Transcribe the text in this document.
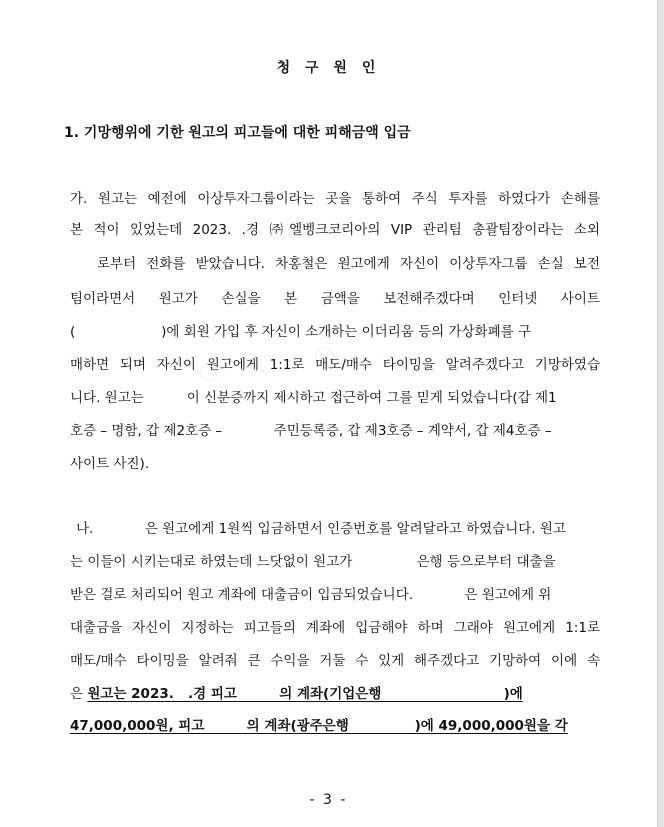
청 구 원 인
1. 기망행위에 기한 원고의 피고들에 대한 피해금액 입금
가. 원고는 예전에 이상투자그룹이라는 곳을 통하여 주식 투자를 하였다가 손해를
본 적이 있었는데 2023. .경 ㈜엘벵크코리아의 VIP 관리팀 총괄팀장이라는 소외
로부터 전화를 받았습니다. 차홍철은 원고에게 자신이 이상투자그룹 손실 보전
팀이라면서 원고가 손실을 본 금액을 보전해주겠다며 인터넷 사이트
(                    )에 회원 가입 후 자신이 소개하는 이더리움 등의 가상화폐를 구
매하면 되며 자신이 원고에게 1:1로 매도/매수 타이밍을 알려주겠다고 기망하였습
니다. 원고는          이 신분증까지 제시하고 접근하여 그를 믿게 되었습니다(갑 제1
호증 – 명함, 갑 제2호증 –            주민등록증, 갑 제3호증 – 계약서, 갑 제4호증 –
사이트 사진).
나.            은 원고에게 1원씩 입금하면서 인증번호를 알려달라고 하였습니다. 원고
는 이들이 시키는대로 하였는데 느닷없이 원고가               은행 등으로부터 대출을
받은 걸로 처리되어 원고 계좌에 대출금이 입금되었습니다.            은 원고에게 위
대출금을 자신이 지정하는 피고들의 계좌에 입금해야 하며 그래야 원고에게 1:1로
매도/매수 타이밍을 알려줘 큰 수익을 거둘 수 있게 해주겠다고 기망하여 이에 속
은 원고는 2023.   .경 피고         의 계좌(기업은행                          )에
47,000,000원, 피고         의 계좌(광주은행              )에 49,000,000원을 각
- 3 -
